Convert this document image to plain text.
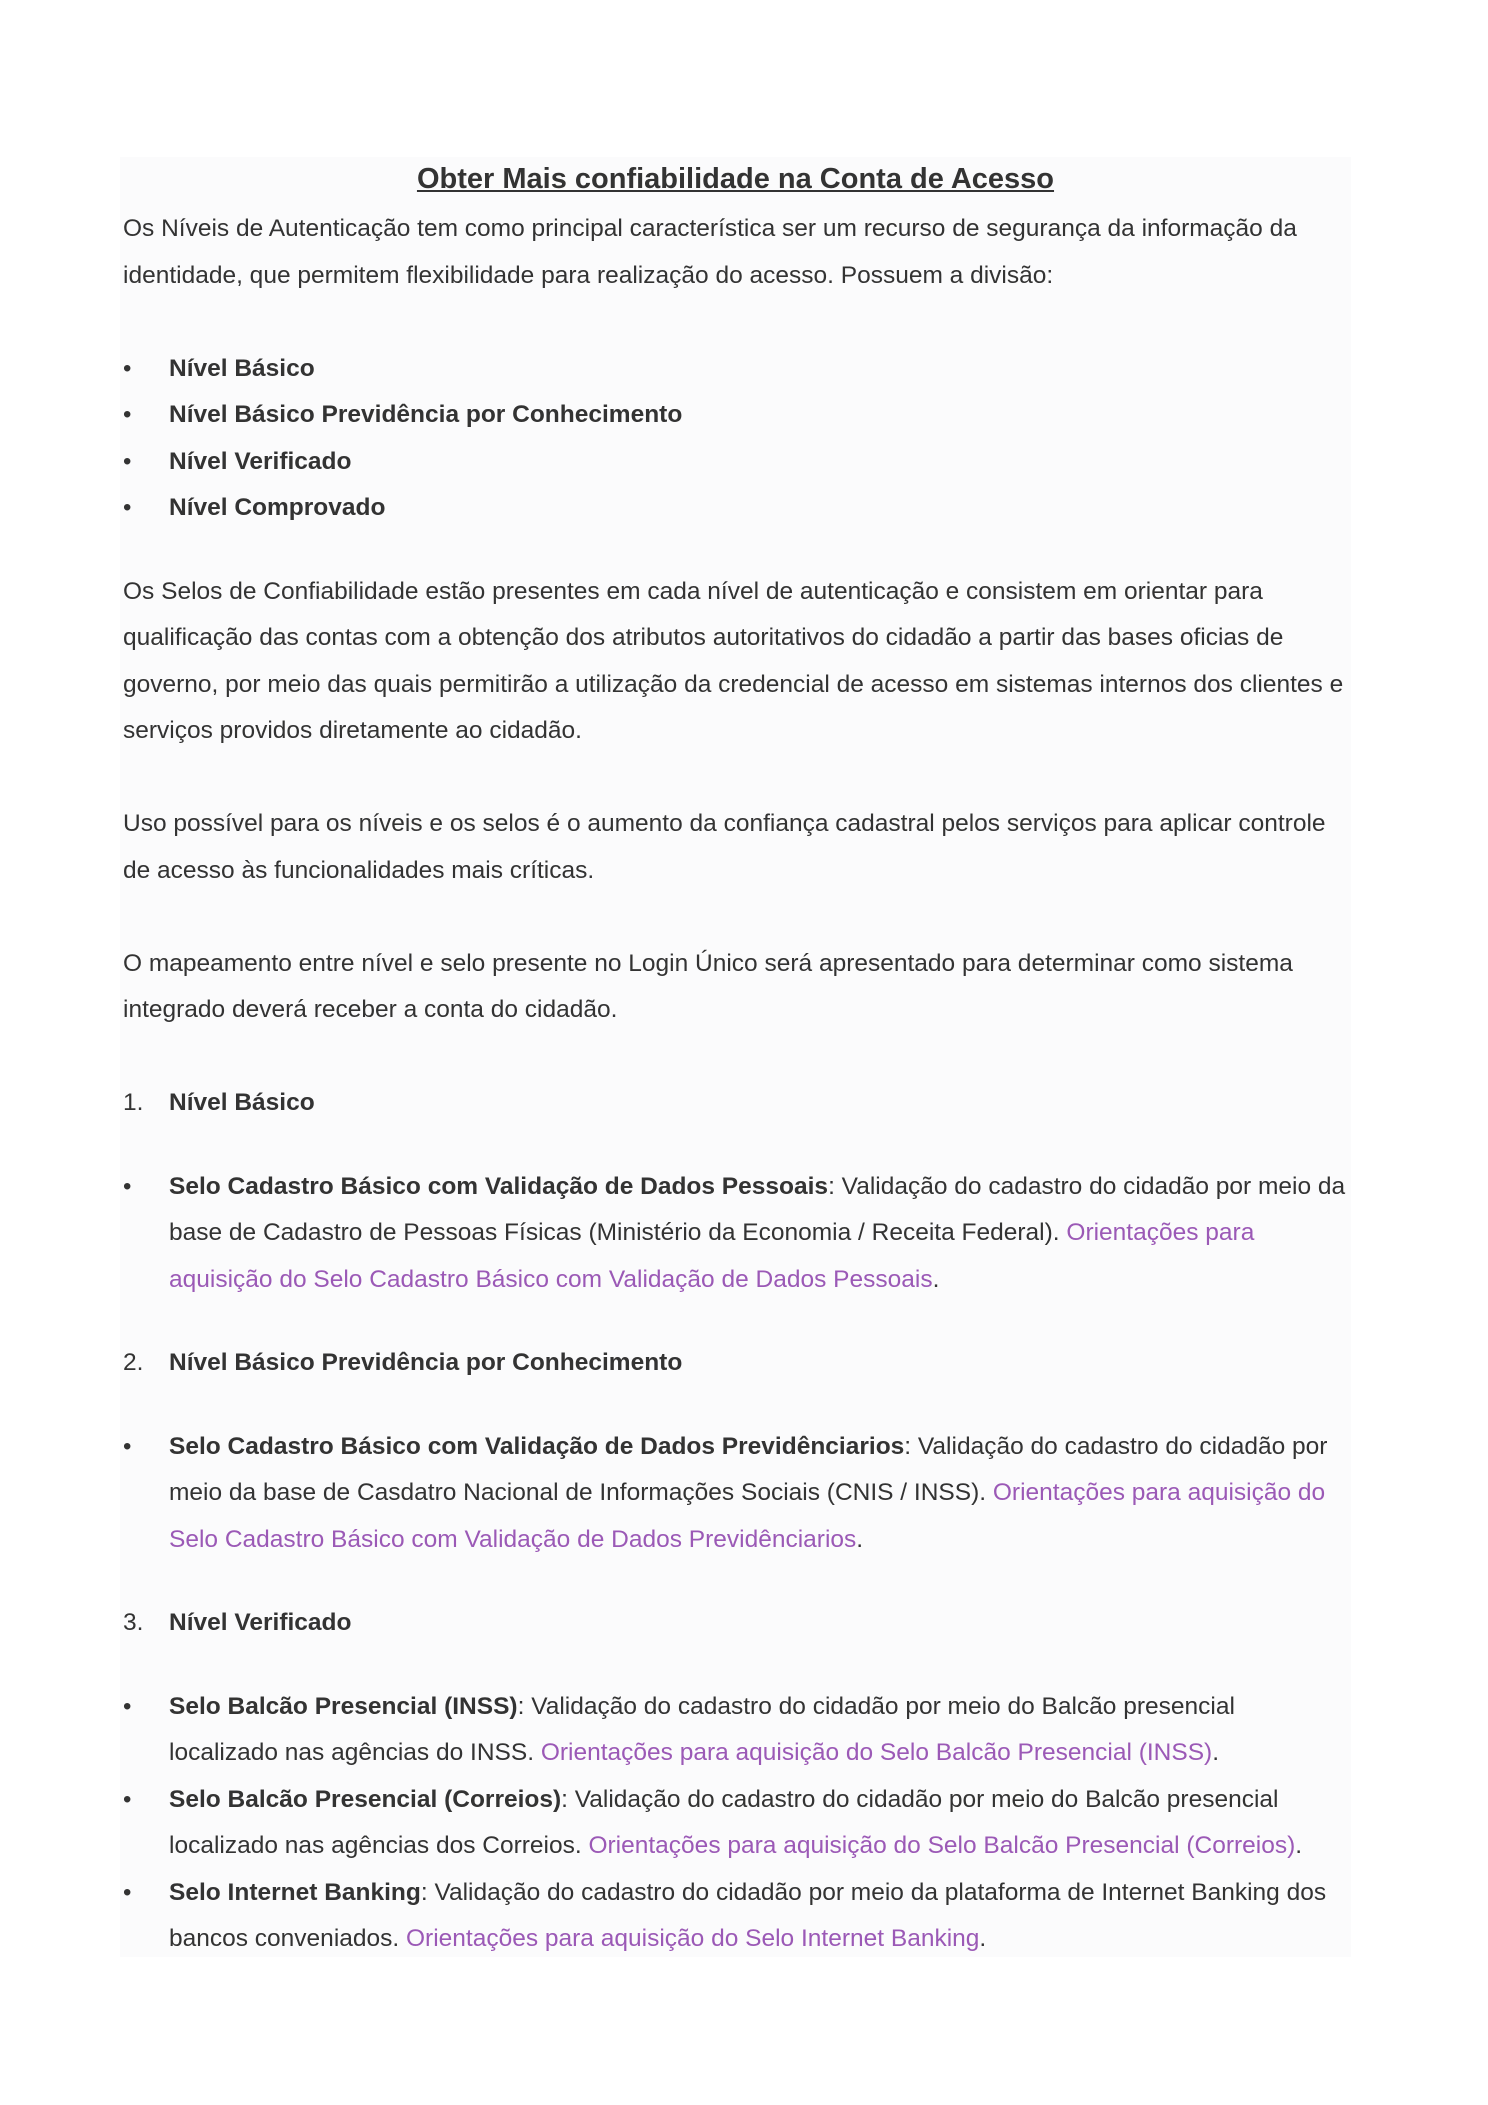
Obter Mais confiabilidade na Conta de Acesso

Os Níveis de Autenticação tem como principal característica ser um recurso de segurança da informação da identidade, que permitem flexibilidade para realização do acesso. Possuem a divisão:

• Nível Básico
• Nível Básico Previdência por Conhecimento
• Nível Verificado
• Nível Comprovado

Os Selos de Confiabilidade estão presentes em cada nível de autenticação e consistem em orientar para qualificação das contas com a obtenção dos atributos autoritativos do cidadão a partir das bases oficias de governo, por meio das quais permitirão a utilização da credencial de acesso em sistemas internos dos clientes e serviços providos diretamente ao cidadão.

Uso possível para os níveis e os selos é o aumento da confiança cadastral pelos serviços para aplicar controle de acesso às funcionalidades mais críticas.

O mapeamento entre nível e selo presente no Login Único será apresentado para determinar como sistema integrado deverá receber a conta do cidadão.

1. Nível Básico
• Selo Cadastro Básico com Validação de Dados Pessoais: Validação do cadastro do cidadão por meio da base de Cadastro de Pessoas Físicas (Ministério da Economia / Receita Federal). Orientações para aquisição do Selo Cadastro Básico com Validação de Dados Pessoais.
2. Nível Básico Previdência por Conhecimento
• Selo Cadastro Básico com Validação de Dados Previdênciarios: Validação do cadastro do cidadão por meio da base de Casdatro Nacional de Informações Sociais (CNIS / INSS). Orientações para aquisição do Selo Cadastro Básico com Validação de Dados Previdênciarios.
3. Nível Verificado
• Selo Balcão Presencial (INSS): Validação do cadastro do cidadão por meio do Balcão presencial localizado nas agências do INSS. Orientações para aquisição do Selo Balcão Presencial (INSS).
• Selo Balcão Presencial (Correios): Validação do cadastro do cidadão por meio do Balcão presencial localizado nas agências dos Correios. Orientações para aquisição do Selo Balcão Presencial (Correios).
• Selo Internet Banking: Validação do cadastro do cidadão por meio da plataforma de Internet Banking dos bancos conveniados. Orientações para aquisição do Selo Internet Banking.
